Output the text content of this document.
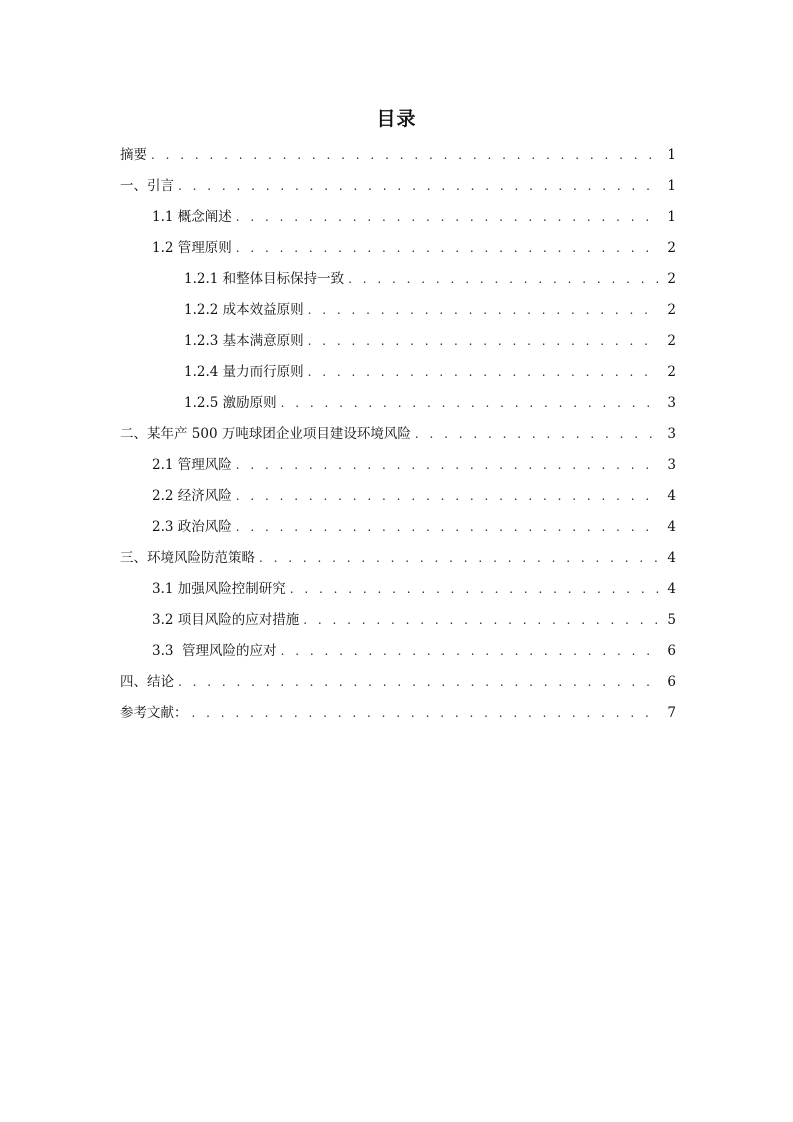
目录
摘要 . . .	1
一、引言 . . .	1
1.1 概念阐述 . . .	1
1.2 管理原则 . . .	2
1.2.1 和整体目标保持一致 . . .	2
1.2.2 成本效益原则 . . .	2
1.2.3 基本满意原则 . . .	2
1.2.4 量力而行原则 . . .	2
1.2.5 激励原则 . . .	3
二、某年产 500 万吨球团企业项目建设环境风险 . . .	3
2.1 管理风险 . . .	3
2.2 经济风险 . . .	4
2.3 政治风险 . . .	4
三、环境风险防范策略 . . .	4
3.1 加强风险控制研究 . . .	4
3.2 项目风险的应对措施 . . .	5
3.3  管理风险的应对 . . .	6
四、结论 . . .	6
参考文献： . . .	7
